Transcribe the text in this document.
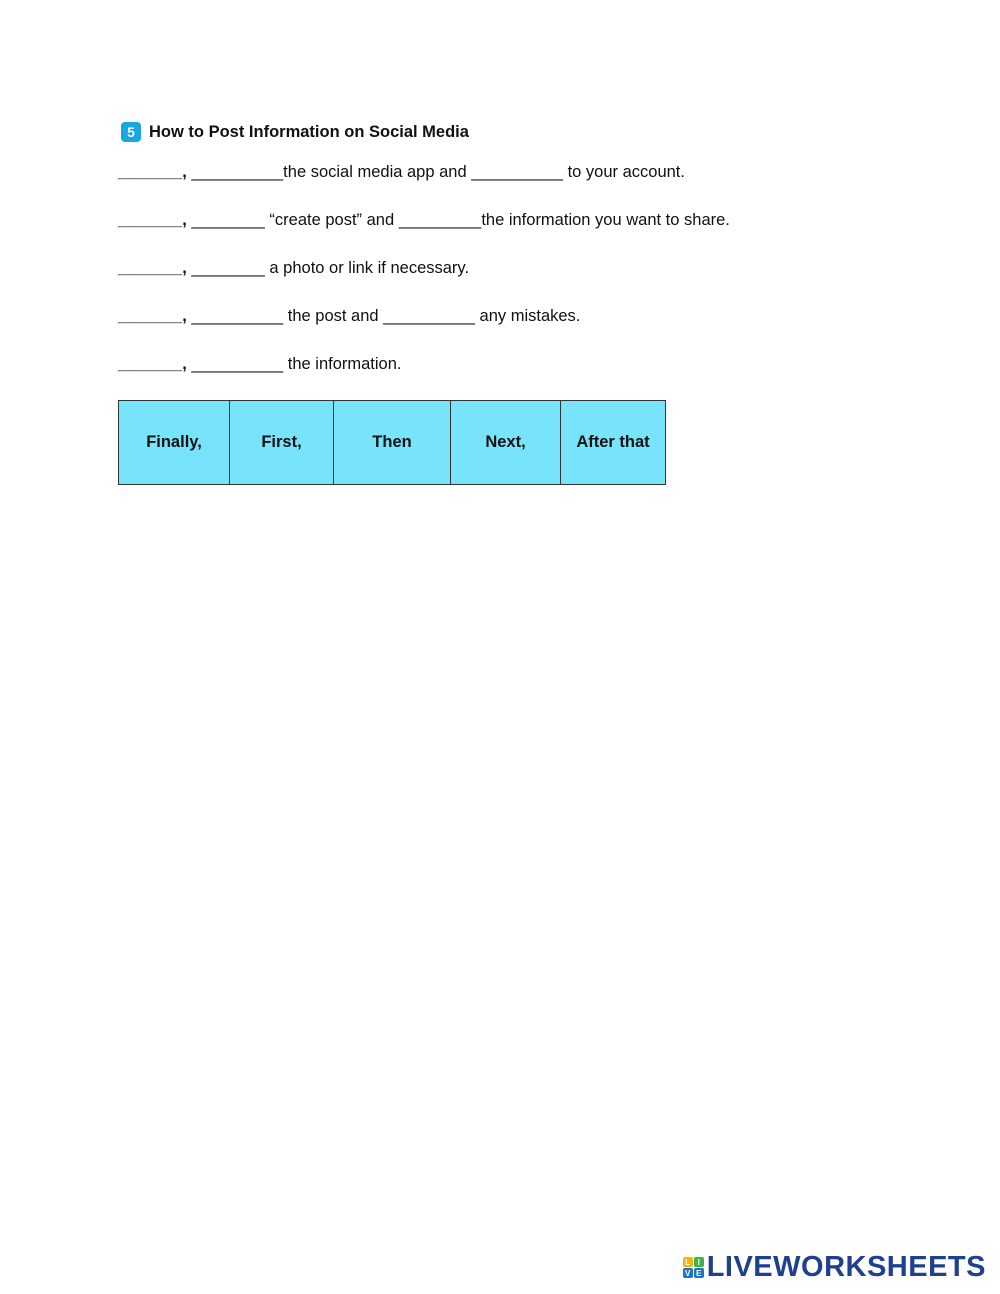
5 How to Post Information on Social Media
_______, __________the social media app and __________ to your account.
_______, ________ “create post” and _________the information you want to share.
_______, ________ a photo or link if necessary.
_______, __________ the post and __________ any mistakes.
_______, __________ the information.
Finally,	First,	Then	Next,	After that
L I
V E LIVEWORKSHEETS
